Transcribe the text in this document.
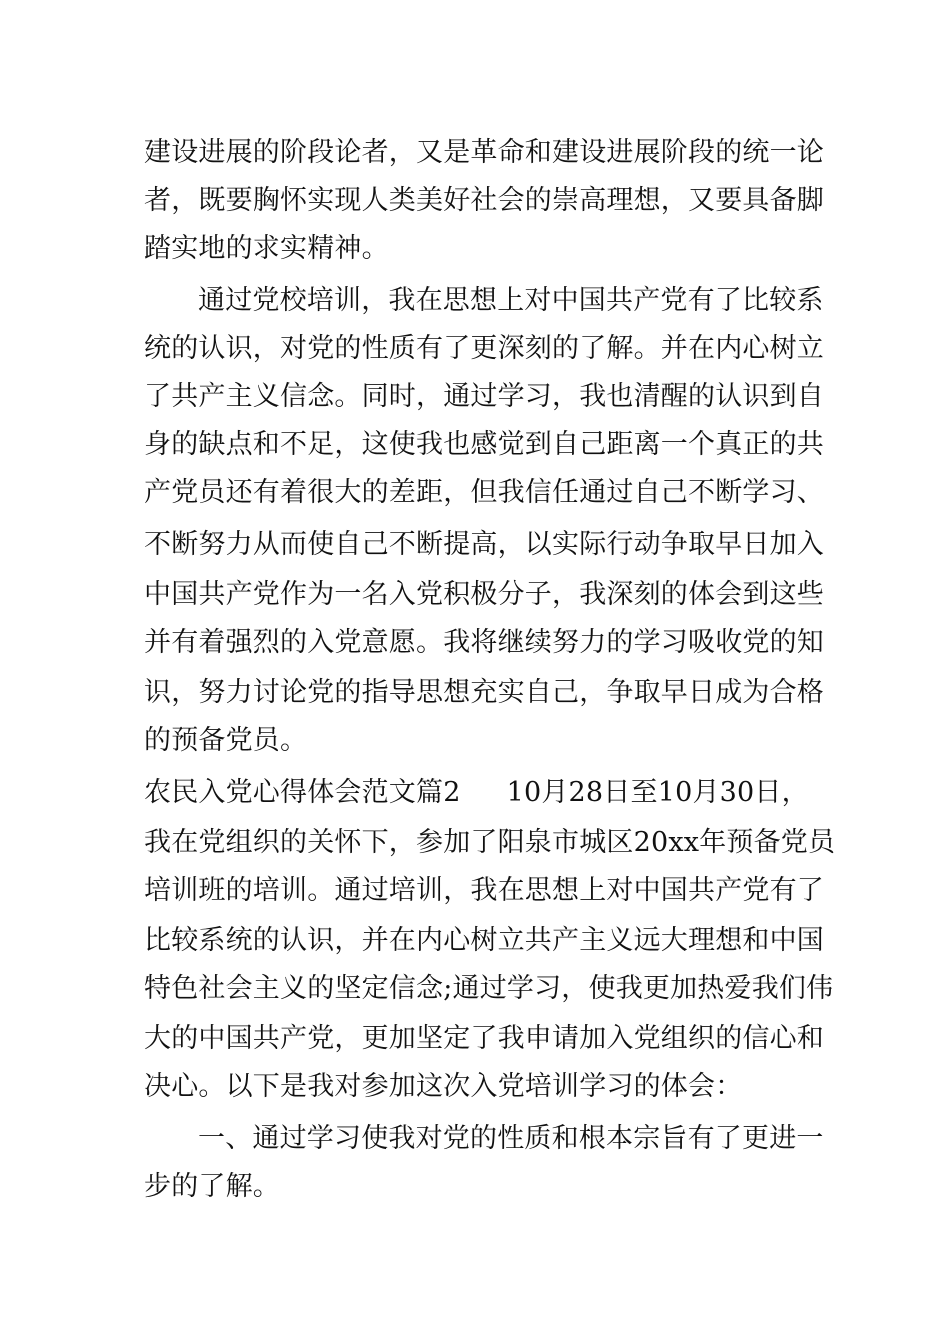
建设进展的阶段论者，又是革命和建设进展阶段的统一论
者，既要胸怀实现人类美好社会的崇高理想，又要具备脚
踏实地的求实精神。
通过党校培训，我在思想上对中国共产党有了比较系
统的认识，对党的性质有了更深刻的了解。并在内心树立
了共产主义信念。同时，通过学习，我也清醒的认识到自
身的缺点和不足，这使我也感觉到自己距离一个真正的共
产党员还有着很大的差距，但我信任通过自己不断学习、
不断努力从而使自己不断提高，以实际行动争取早日加入
中国共产党作为一名入党积极分子，我深刻的体会到这些
并有着强烈的入党意愿。我将继续努力的学习吸收党的知
识，努力讨论党的指导思想充实自己，争取早日成为合格
的预备党员。
农民入党心得体会范文篇2 10月28日至10月30日，
我在党组织的关怀下，参加了阳泉市城区20xx年预备党员
培训班的培训。通过培训，我在思想上对中国共产党有了
比较系统的认识，并在内心树立共产主义远大理想和中国
特色社会主义的坚定信念;通过学习，使我更加热爱我们伟
大的中国共产党，更加坚定了我申请加入党组织的信心和
决心。以下是我对参加这次入党培训学习的体会：
一、通过学习使我对党的性质和根本宗旨有了更进一
步的了解。
